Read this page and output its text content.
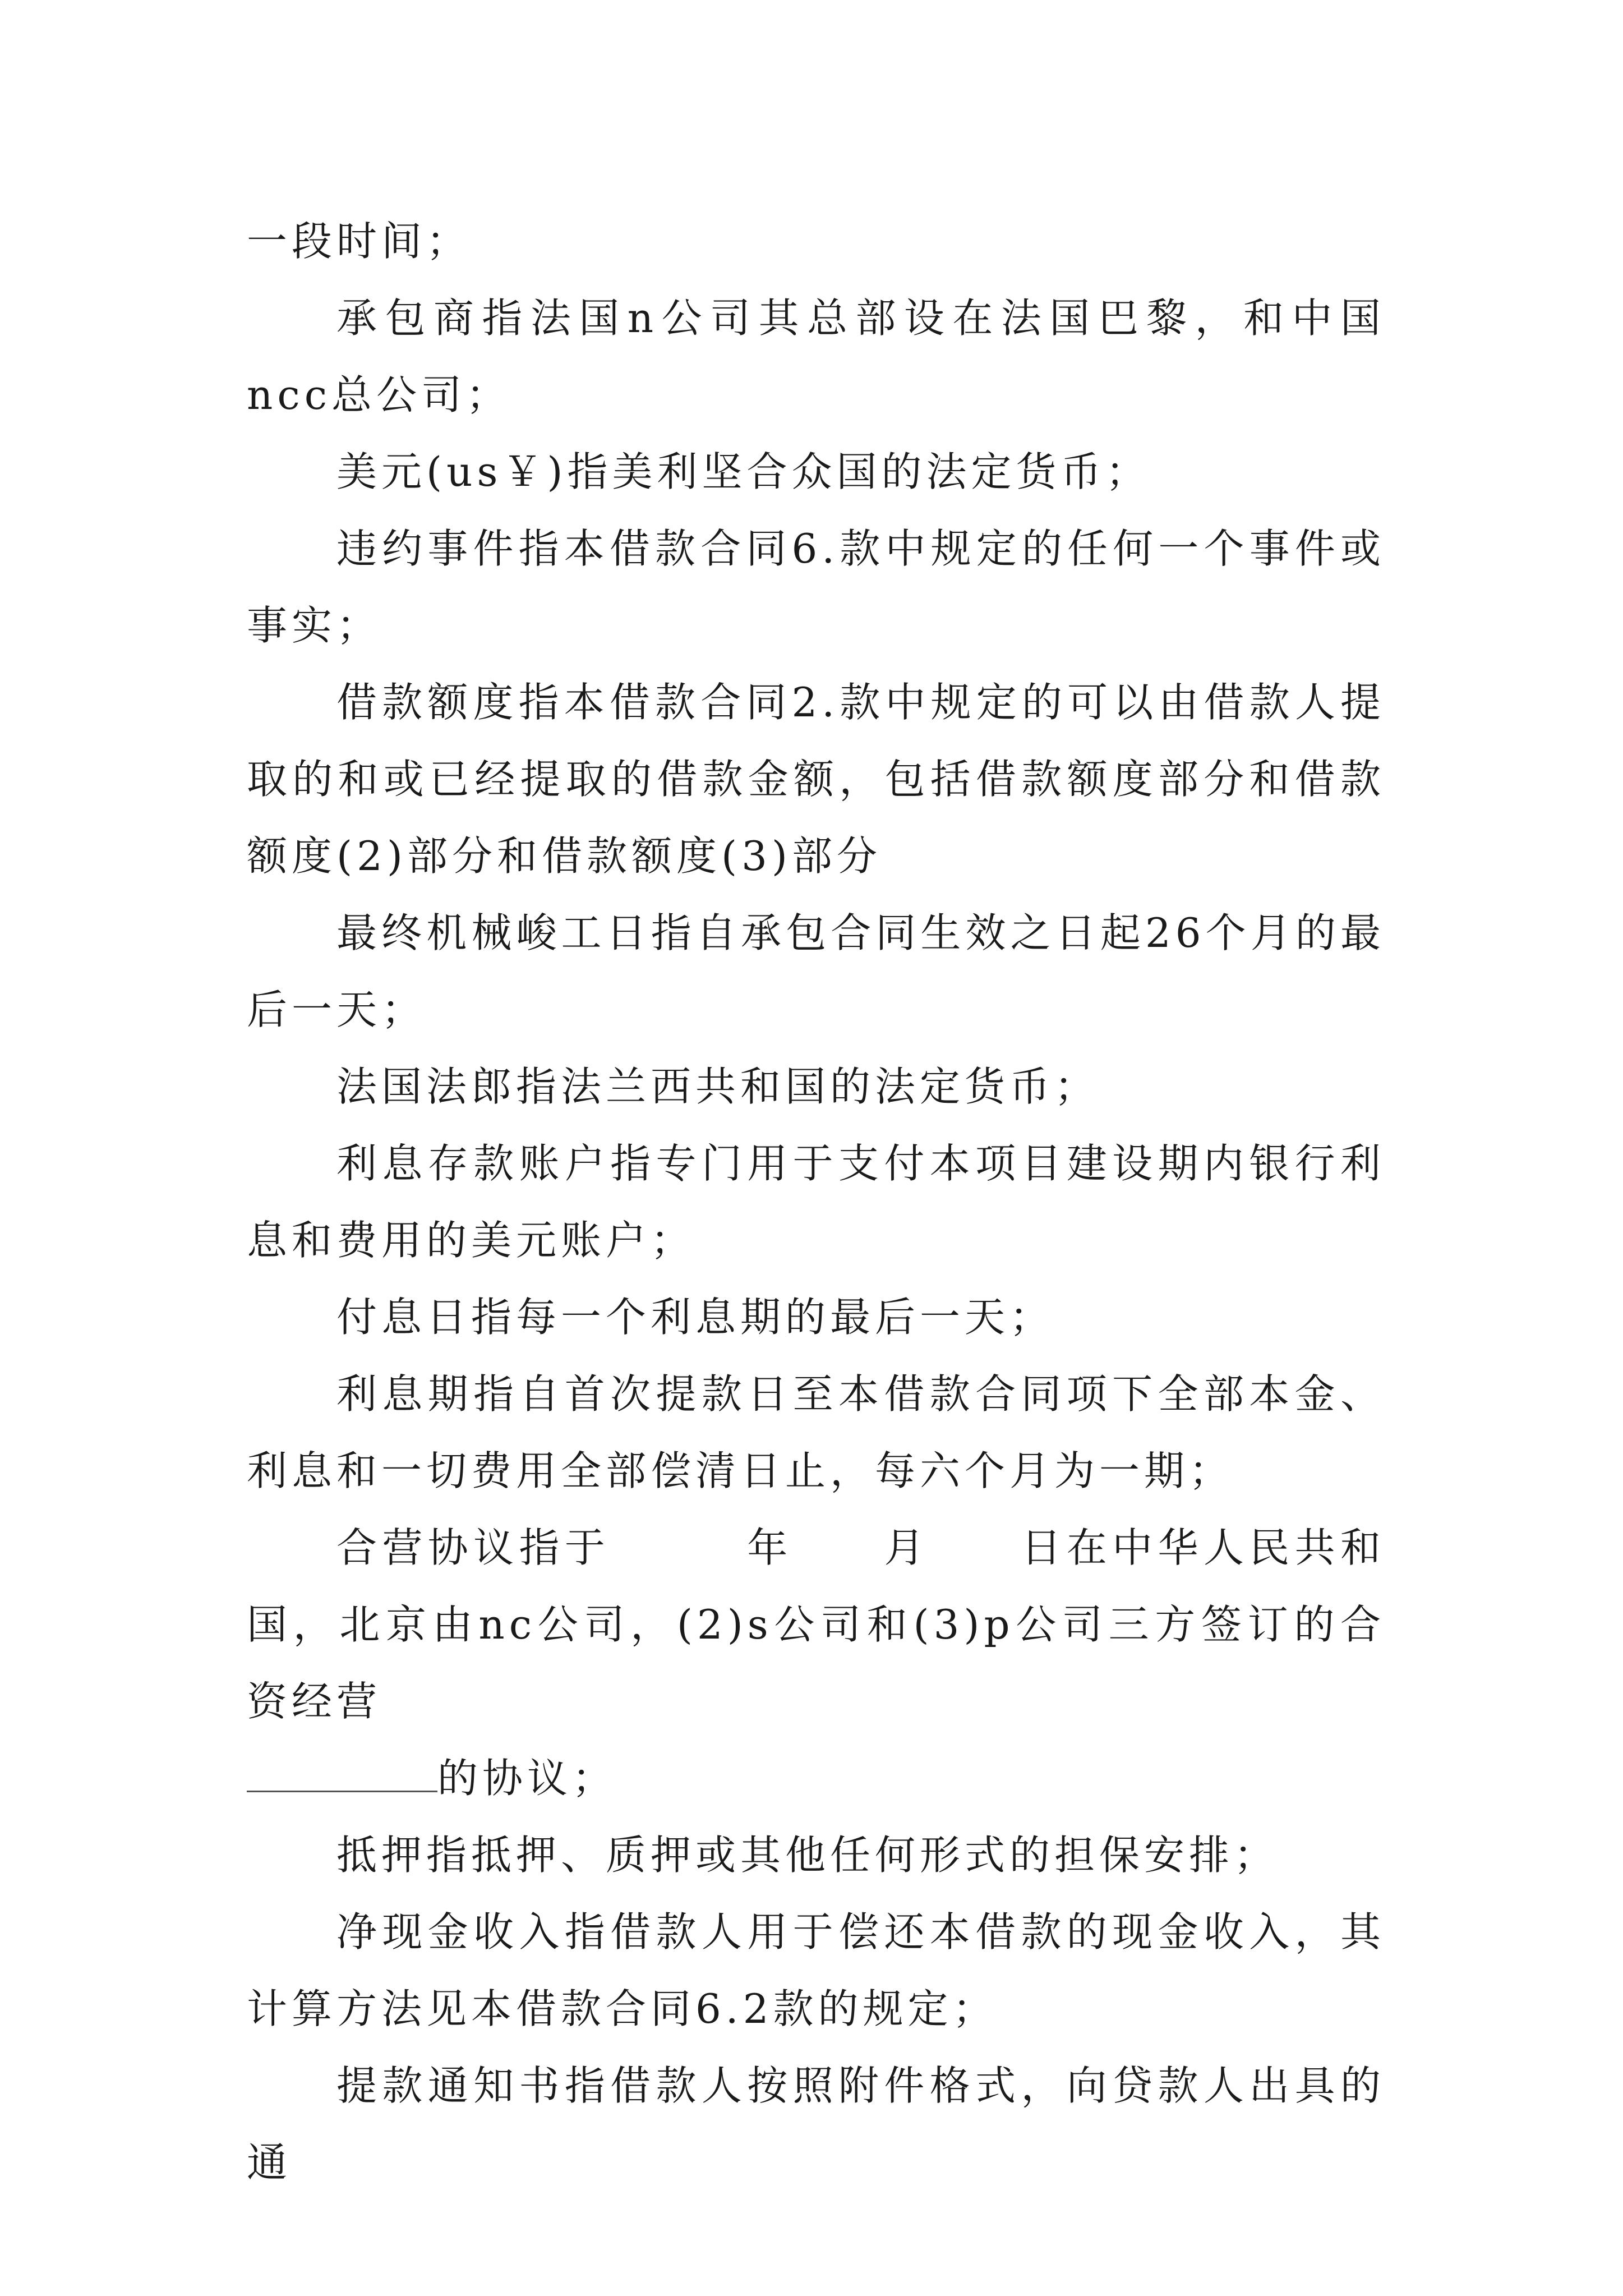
一段时间；

承包商指法国n公司其总部设在法国巴黎，和中国ncc总公司；

美元(us￥)指美利坚合众国的法定货币；

违约事件指本借款合同6.款中规定的任何一个事件或事实；

借款额度指本借款合同2.款中规定的可以由借款人提取的和或已经提取的借款金额，包括借款额度部分和借款额度(2)部分和借款额度(3)部分

最终机械峻工日指自承包合同生效之日起26个月的最后一天；

法国法郎指法兰西共和国的法定货币；

利息存款账户指专门用于支付本项目建设期内银行利息和费用的美元账户；

付息日指每一个利息期的最后一天；

利息期指自首次提款日至本借款合同项下全部本金、利息和一切费用全部偿清日止，每六个月为一期；

合营协议指于　　　年　　月　　日在中华人民共和国，北京由nc公司，(2)s公司和(3)p公司三方签订的合资经营

的协议；

抵押指抵押、质押或其他任何形式的担保安排；

净现金收入指借款人用于偿还本借款的现金收入，其计算方法见本借款合同6.2款的规定；

提款通知书指借款人按照附件格式，向贷款人出具的通
